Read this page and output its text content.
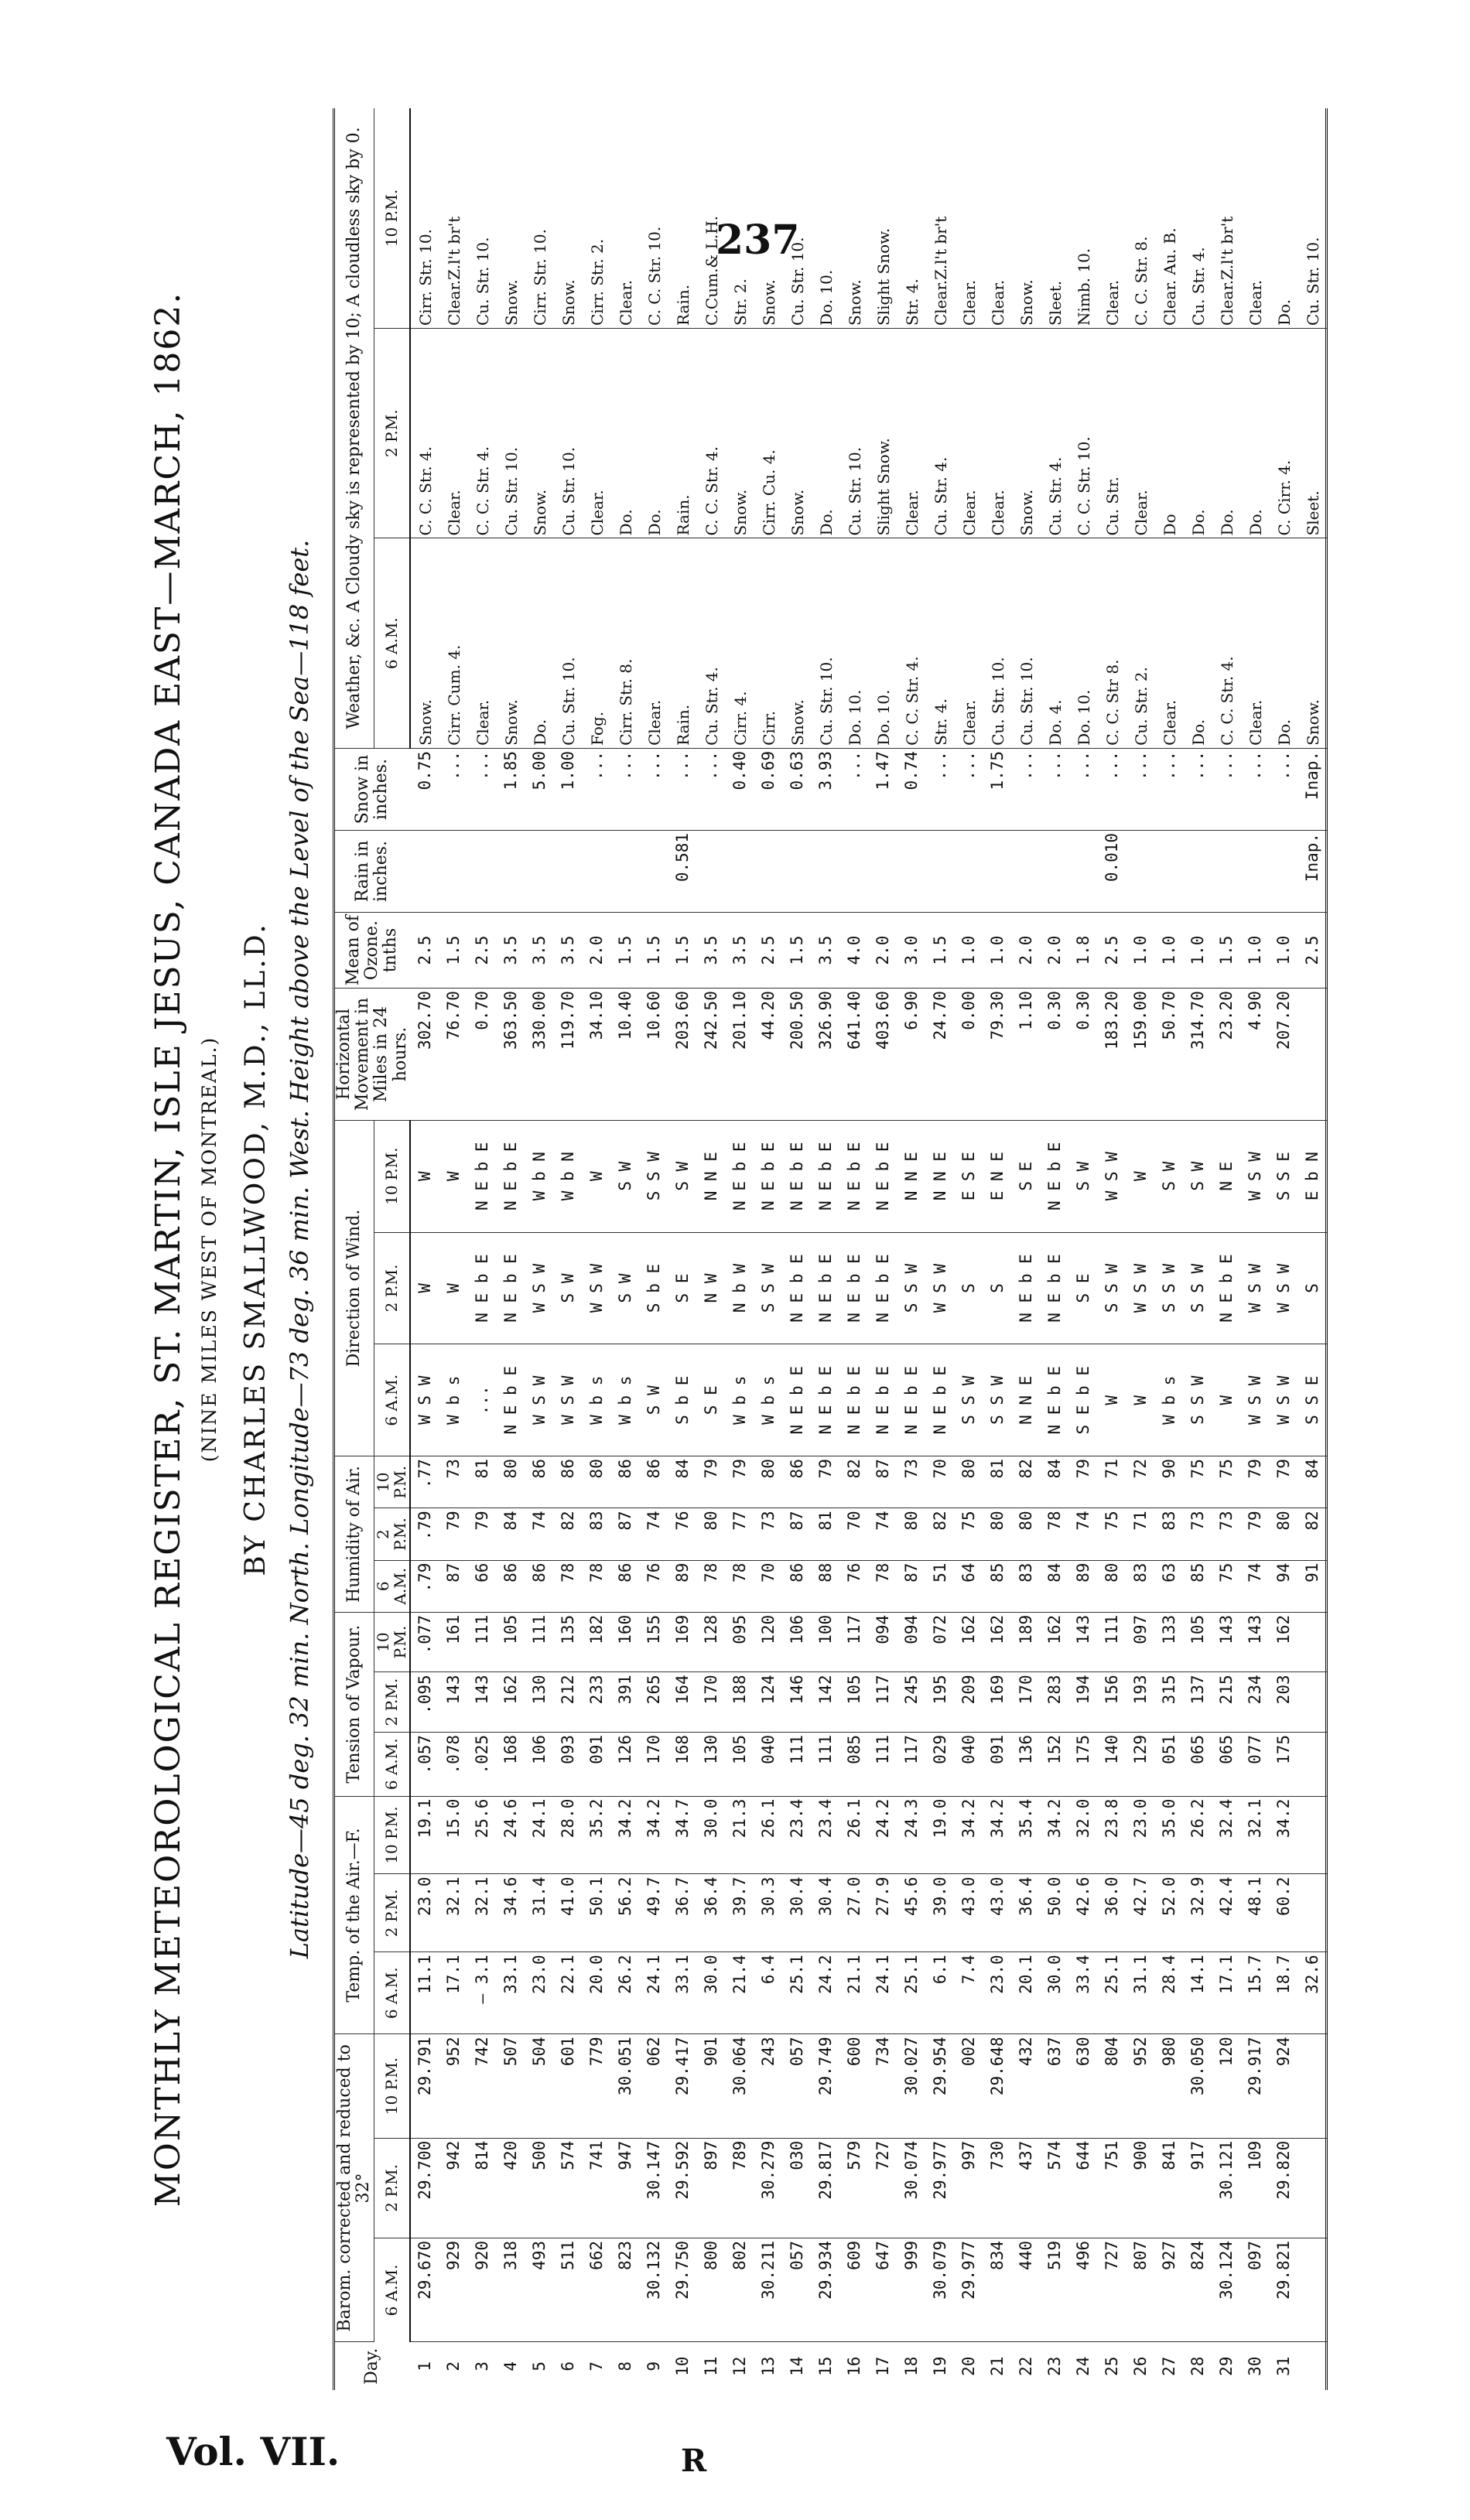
237
MONTHLY METEOROLOGICAL REGISTER, ST. MARTIN, ISLE JESUS, CANADA EAST—MARCH, 1862. (NINE MILES WEST OF MONTREAL.) BY CHARLES SMALLWOOD, M.D., LL.D. Latitude—45 deg. 32 min. North. Longitude—73 deg. 36 min. West. Height above the Level of the Sea—118 feet.
Day.	Barom. corrected and reduced to 32°			Temp. of the Air.—F.			Tension of Vapour.			Humidity of Air.			Direction of Wind.			Horizontal Movement in Miles in 24 hours.	Mean of Ozone. tnths	Rain in inches.	Snow in inches.	Weather, &c. A Cloudy sky is represented by 10; A cloudless sky by 0.		
	6 A.M.	2 P.M.	10 P.M.	6 A.M.	2 P.M.	10 P.M.	6 A.M.	2 P.M.	10 P.M.	6 A.M.	2 P.M.	10 P.M.	6 A.M.	2 P.M.	10 P.M.					6 A.M.	2 P.M.	10 P.M.
1	29.670	29.700	29.791	11.1	23.0	19.1	.057	.095	.077	.79	.79	.77	W S W	W	W	302.70	2.5		0.75	Snow.	C. C. Str. 4.	Cirr. Str. 10.
2	929	942	952	17.1	32.1	15.0	.078	143	161	87	79	73	W b s	W	W	76.70	1.5		...	Cirr. Cum. 4.	Clear.	Clear.Z.l't br't
3	920	814	742	— 3.1	32.1	25.6	.025	143	111	66	79	81	...	N E b E	N E b E	0.70	2.5		...	Clear.	C. C. Str. 4.	Cu. Str. 10.
4	318	420	507	33.1	34.6	24.6	168	162	105	86	84	80	N E b E	N E b E	N E b E	363.50	3.5		1.85	Snow.	Cu. Str. 10.	Snow.
5	493	500	504	23.0	31.4	24.1	106	130	111	86	74	86	W S W	W S W	W b N	330.00	3.5		5.00	Do.	Snow.	Cirr. Str. 10.
6	511	574	601	22.1	41.0	28.0	093	212	135	78	82	86	W S W	S W	W b N	119.70	3.5		1.00	Cu. Str. 10.	Cu. Str. 10.	Snow.
7	662	741	779	20.0	50.1	35.2	091	233	182	78	83	80	W b s	W S W	W	34.10	2.0		...	Fog.	Clear.	Cirr. Str. 2.
8	823	947	30.051	26.2	56.2	34.2	126	391	160	86	87	86	W b s	S W	S W	10.40	1.5		...	Cirr. Str. 8.	Do.	Clear.
9	30.132	30.147	062	24.1	49.7	34.2	170	265	155	76	74	86	S W	S b E	S S W	10.60	1.5		...	Clear.	Do.	C. C. Str. 10.
10	29.750	29.592	29.417	33.1	36.7	34.7	168	164	169	89	76	84	S b E	S E	S W	203.60	1.5	0.581	...	Rain.	Rain.	Rain.
11	800	897	901	30.0	36.4	30.0	130	170	128	78	80	79	S E	N W	N N E	242.50	3.5		...	Cu. Str. 4.	C. C. Str. 4.	C.Cum.& L.H.
12	802	789	30.064	21.4	39.7	21.3	105	188	095	78	77	79	W b s	N b W	N E b E	201.10	3.5		0.40	Cirr. 4.	Snow.	Str. 2.
13	30.211	30.279	243	6.4	30.3	26.1	040	124	120	70	73	80	W b s	S S W	N E b E	44.20	2.5		0.69	Cirr.	Cirr. Cu. 4.	Snow.
14	057	030	057	25.1	30.4	23.4	111	146	106	86	87	86	N E b E	N E b E	N E b E	200.50	1.5		0.63	Snow.	Snow.	Cu. Str. 10.
15	29.934	29.817	29.749	24.2	30.4	23.4	111	142	100	88	81	79	N E b E	N E b E	N E b E	326.90	3.5		3.93	Cu. Str. 10.	Do.	Do. 10.
16	609	579	600	21.1	27.0	26.1	085	105	117	76	70	82	N E b E	N E b E	N E b E	641.40	4.0		...	Do. 10.	Cu. Str. 10.	Snow.
17	647	727	734	24.1	27.9	24.2	111	117	094	78	74	87	N E b E	N E b E	N E b E	403.60	2.0		1.47	Do. 10.	Slight Snow.	Slight Snow.
18	999	30.074	30.027	25.1	45.6	24.3	117	245	094	87	80	73	N E b E	S S W	N N E	6.90	3.0		0.74	C. C. Str. 4.	Clear.	Str. 4.
19	30.079	29.977	29.954	6.1	39.0	19.0	029	195	072	51	82	70	N E b E	W S W	N N E	24.70	1.5		...	Str. 4.	Cu. Str. 4.	Clear.Z.l't br't
20	29.977	997	002	7.4	43.0	34.2	040	209	162	64	75	80	S S W	S	E S E	0.00	1.0		...	Clear.	Clear.	Clear.
21	834	730	29.648	23.0	43.0	34.2	091	169	162	85	80	81	S S W	S	E N E	79.30	1.0		1.75	Cu. Str. 10.	Clear.	Clear.
22	440	437	432	20.1	36.4	35.4	136	170	189	83	80	82	N N E	N E b E	S E	1.10	2.0		...	Cu. Str. 10.	Snow.	Snow.
23	519	574	637	30.0	50.0	34.2	152	283	162	84	78	84	N E b E	N E b E	N E b E	0.30	2.0		...	Do. 4.	Cu. Str. 4.	Sleet.
24	496	644	630	33.4	42.6	32.0	175	194	143	89	74	79	S E b E	S E	S W	0.30	1.8		...	Do. 10.	C. C. Str. 10.	Nimb. 10.
25	727	751	804	25.1	36.0	23.8	140	156	111	80	75	71	W	S S W	W S W	183.20	2.5	0.010	...	C. C. Str 8.	Cu. Str.	Clear.
26	807	900	952	31.1	42.7	23.0	129	193	097	83	71	72	W	W S W	W	159.00	1.0		...	Cu. Str. 2.	Clear.	C. C. Str. 8.
27	927	841	980	28.4	52.0	35.0	051	315	133	63	83	90	W b s	S S W	S W	50.70	1.0		...	Clear.	Do	Clear. Au. B.
28	824	917	30.050	14.1	32.9	26.2	065	137	105	85	73	75	S S W	S S W	S W	314.70	1.0		...	Do.	Do.	Cu. Str. 4.
29	30.124	30.121	120	17.1	42.4	32.4	065	215	143	75	73	75	W	N E b E	N E	23.20	1.5		...	C. C. Str. 4.	Do.	Clear.Z.l't br't
30	097	109	29.917	15.7	48.1	32.1	077	234	143	74	79	79	W S W	W S W	W S W	4.90	1.0		...	Clear.	Do.	Clear.
31	29.821	29.820	924	18.7	60.2	34.2	175	203	162	94	80	79	W S W	W S W	S S E	207.20	1.0		...	Do.	C. Cirr. 4.	Do.
				32.6						91	82	84	S S E	S	E b N		2.5	Inap.	Inap.	Snow.	Sleet.	Cu. Str. 10.
Vol. VII.	R
